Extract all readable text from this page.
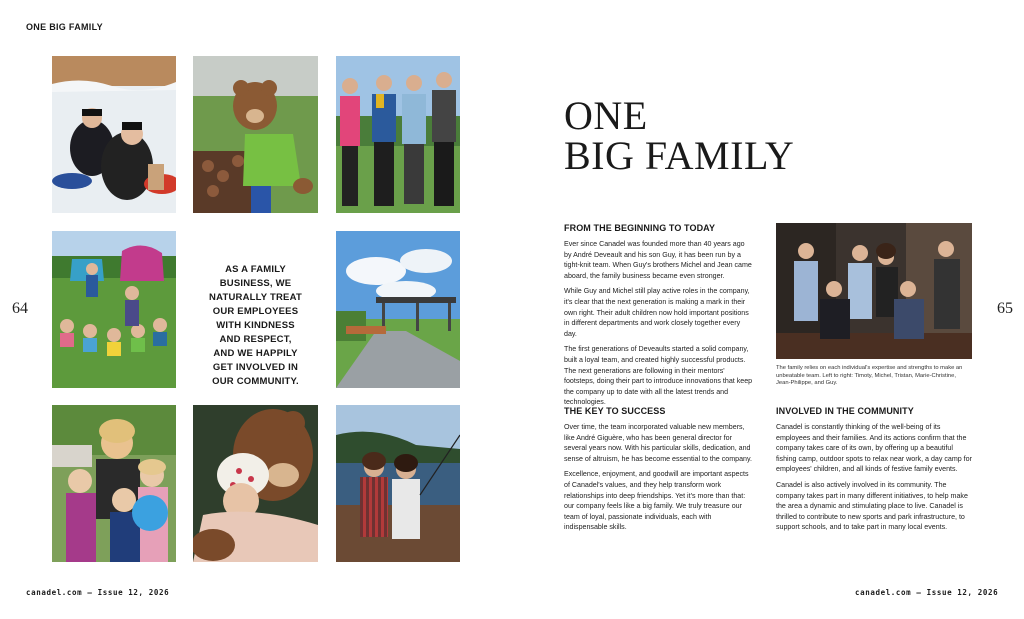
ONE BIG FAMILY
64	65
canadel.com — Issue 12, 2026	canadel.com — Issue 12, 2026
AS A FAMILY BUSINESS, WE NATURALLY TREAT OUR EMPLOYEES WITH KINDNESS AND RESPECT, AND WE HAPPILY GET INVOLVED IN OUR COMMUNITY.
ONE
BIG FAMILY
FROM THE BEGINNING TO TODAY

Ever since Canadel was founded more than 40 years ago by André Deveault and his son Guy, it has been run by a tight-knit team. When Guy's brothers Michel and Jean came aboard, the family business became even stronger.

While Guy and Michel still play active roles in the company, it's clear that the next generation is making a mark in their own right. Their adult children now hold important positions in different departments and work closely together every day.

The first generations of Deveaults started a solid company, built a loyal team, and created highly successful products. The next generations are following in their mentors' footsteps, doing their part to introduce innovations that keep the company up to date with all the latest trends and technologies.

THE KEY TO SUCCESS

Over time, the team incorporated valuable new members, like André Giguère, who has been general director for several years now. With his particular skills, dedication, and sense of altruism, he has become essential to the company.

Excellence, enjoyment, and goodwill are important aspects of Canadel's values, and they help transform work relationships into deep friendships. Yet it's more than that: our company feels like a big family. We truly treasure our team of loyal, passionate individuals, each with indispensable skills.

The family relies on each individual's expertise and strengths to make an unbeatable team. Left to right: Timoty, Michel, Tristan, Marie-Christine, Jean-Philippe, and Guy.
INVOLVED IN THE COMMUNITY

Canadel is constantly thinking of the well-being of its employees and their families. And its actions confirm that the company takes care of its own, by offering up a beautiful fishing camp, outdoor spots to relax near work, a day camp for employees' children, and all kinds of festive family events.

Canadel is also actively involved in its community. The company takes part in many different initiatives, to help make the area a dynamic and stimulating place to live. Canadel is thrilled to contribute to new sports and park infrastructure, to support schools, and to take part in many local events.
